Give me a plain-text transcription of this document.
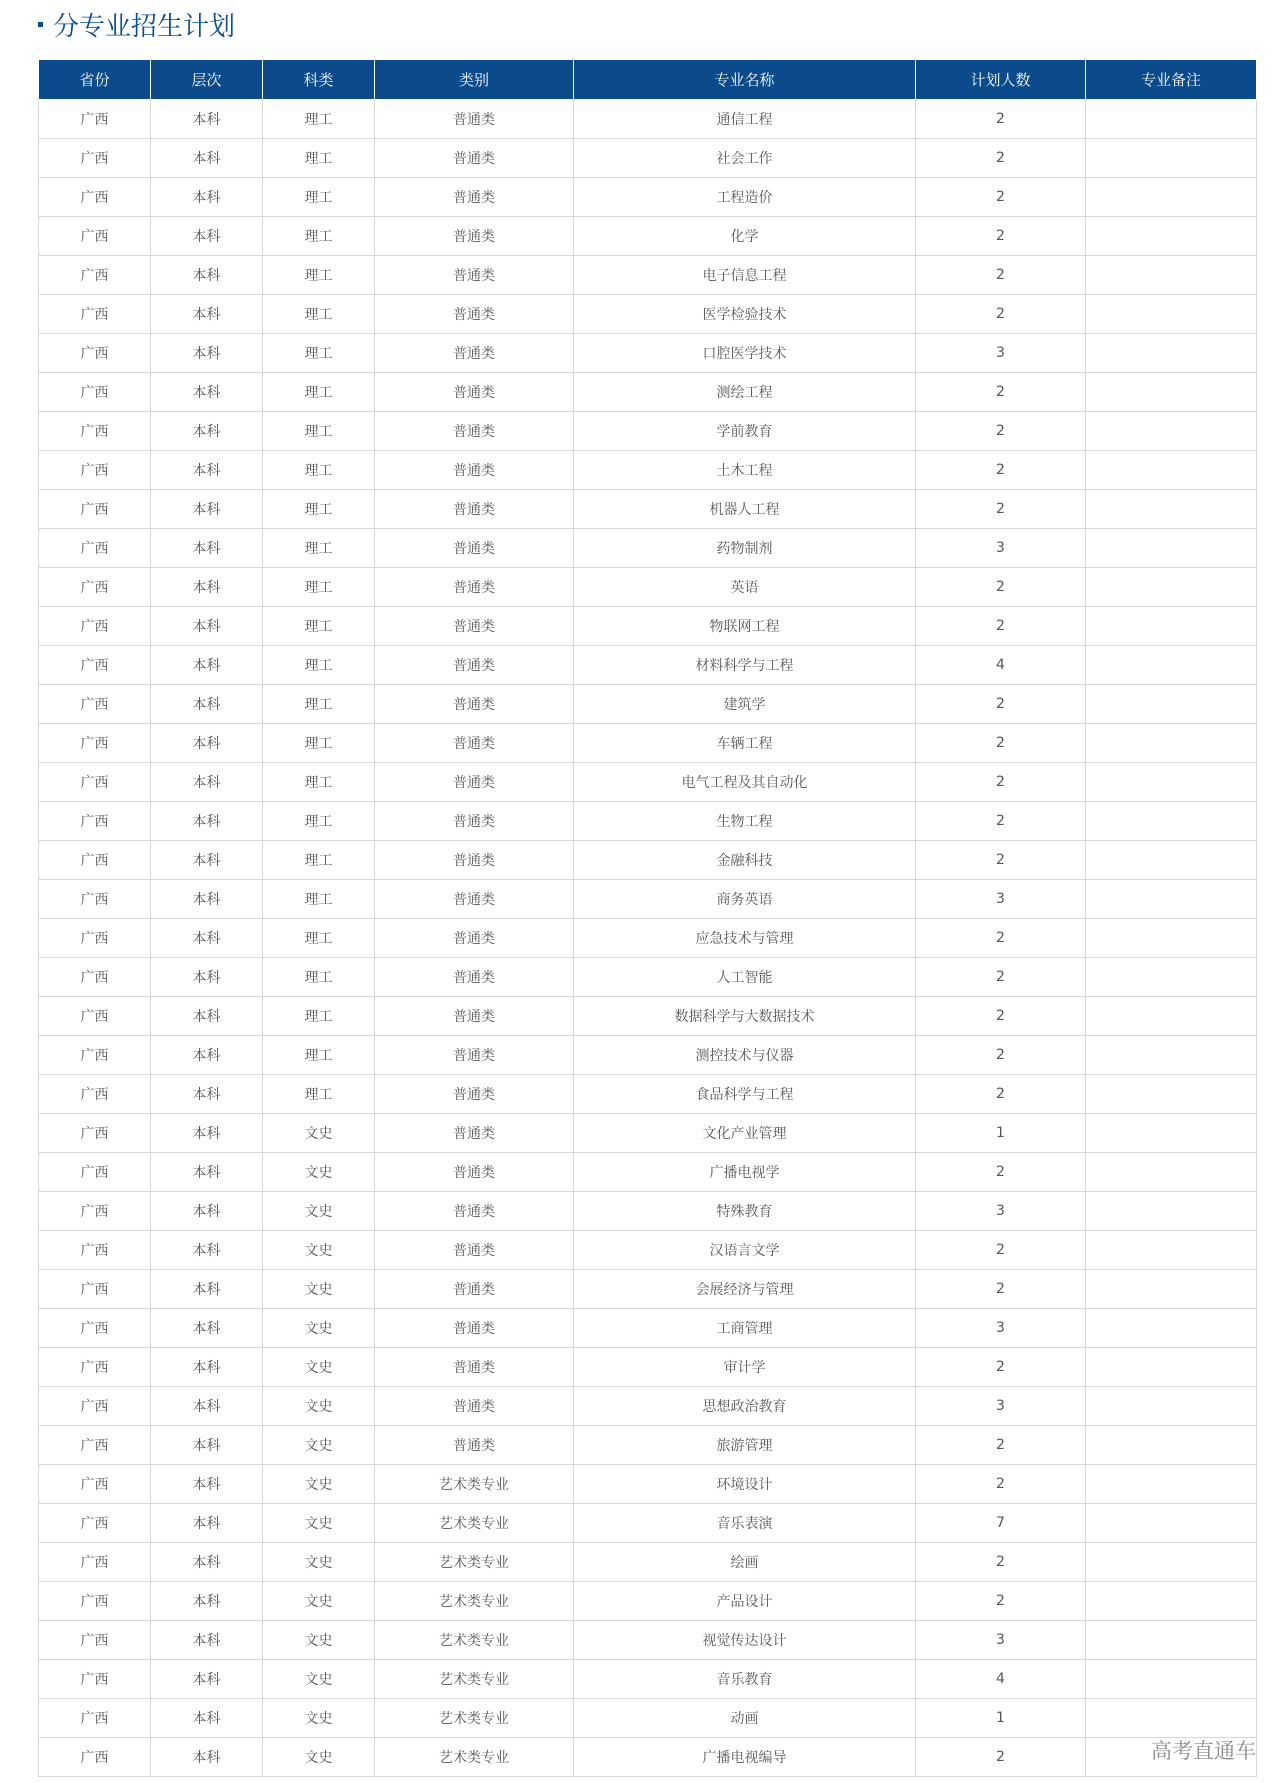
分专业招生计划
省份	层次	科类	类别	专业名称	计划人数	专业备注
广西	本科	理工	普通类	通信工程	2	
广西	本科	理工	普通类	社会工作	2	
广西	本科	理工	普通类	工程造价	2	
广西	本科	理工	普通类	化学	2	
广西	本科	理工	普通类	电子信息工程	2	
广西	本科	理工	普通类	医学检验技术	2	
广西	本科	理工	普通类	口腔医学技术	3	
广西	本科	理工	普通类	测绘工程	2	
广西	本科	理工	普通类	学前教育	2	
广西	本科	理工	普通类	土木工程	2	
广西	本科	理工	普通类	机器人工程	2	
广西	本科	理工	普通类	药物制剂	3	
广西	本科	理工	普通类	英语	2	
广西	本科	理工	普通类	物联网工程	2	
广西	本科	理工	普通类	材料科学与工程	4	
广西	本科	理工	普通类	建筑学	2	
广西	本科	理工	普通类	车辆工程	2	
广西	本科	理工	普通类	电气工程及其自动化	2	
广西	本科	理工	普通类	生物工程	2	
广西	本科	理工	普通类	金融科技	2	
广西	本科	理工	普通类	商务英语	3	
广西	本科	理工	普通类	应急技术与管理	2	
广西	本科	理工	普通类	人工智能	2	
广西	本科	理工	普通类	数据科学与大数据技术	2	
广西	本科	理工	普通类	测控技术与仪器	2	
广西	本科	理工	普通类	食品科学与工程	2	
广西	本科	文史	普通类	文化产业管理	1	
广西	本科	文史	普通类	广播电视学	2	
广西	本科	文史	普通类	特殊教育	3	
广西	本科	文史	普通类	汉语言文学	2	
广西	本科	文史	普通类	会展经济与管理	2	
广西	本科	文史	普通类	工商管理	3	
广西	本科	文史	普通类	审计学	2	
广西	本科	文史	普通类	思想政治教育	3	
广西	本科	文史	普通类	旅游管理	2	
广西	本科	文史	艺术类专业	环境设计	2	
广西	本科	文史	艺术类专业	音乐表演	7	
广西	本科	文史	艺术类专业	绘画	2	
广西	本科	文史	艺术类专业	产品设计	2	
广西	本科	文史	艺术类专业	视觉传达设计	3	
广西	本科	文史	艺术类专业	音乐教育	4	
广西	本科	文史	艺术类专业	动画	1	
广西	本科	文史	艺术类专业	广播电视编导	2		高考直通车
